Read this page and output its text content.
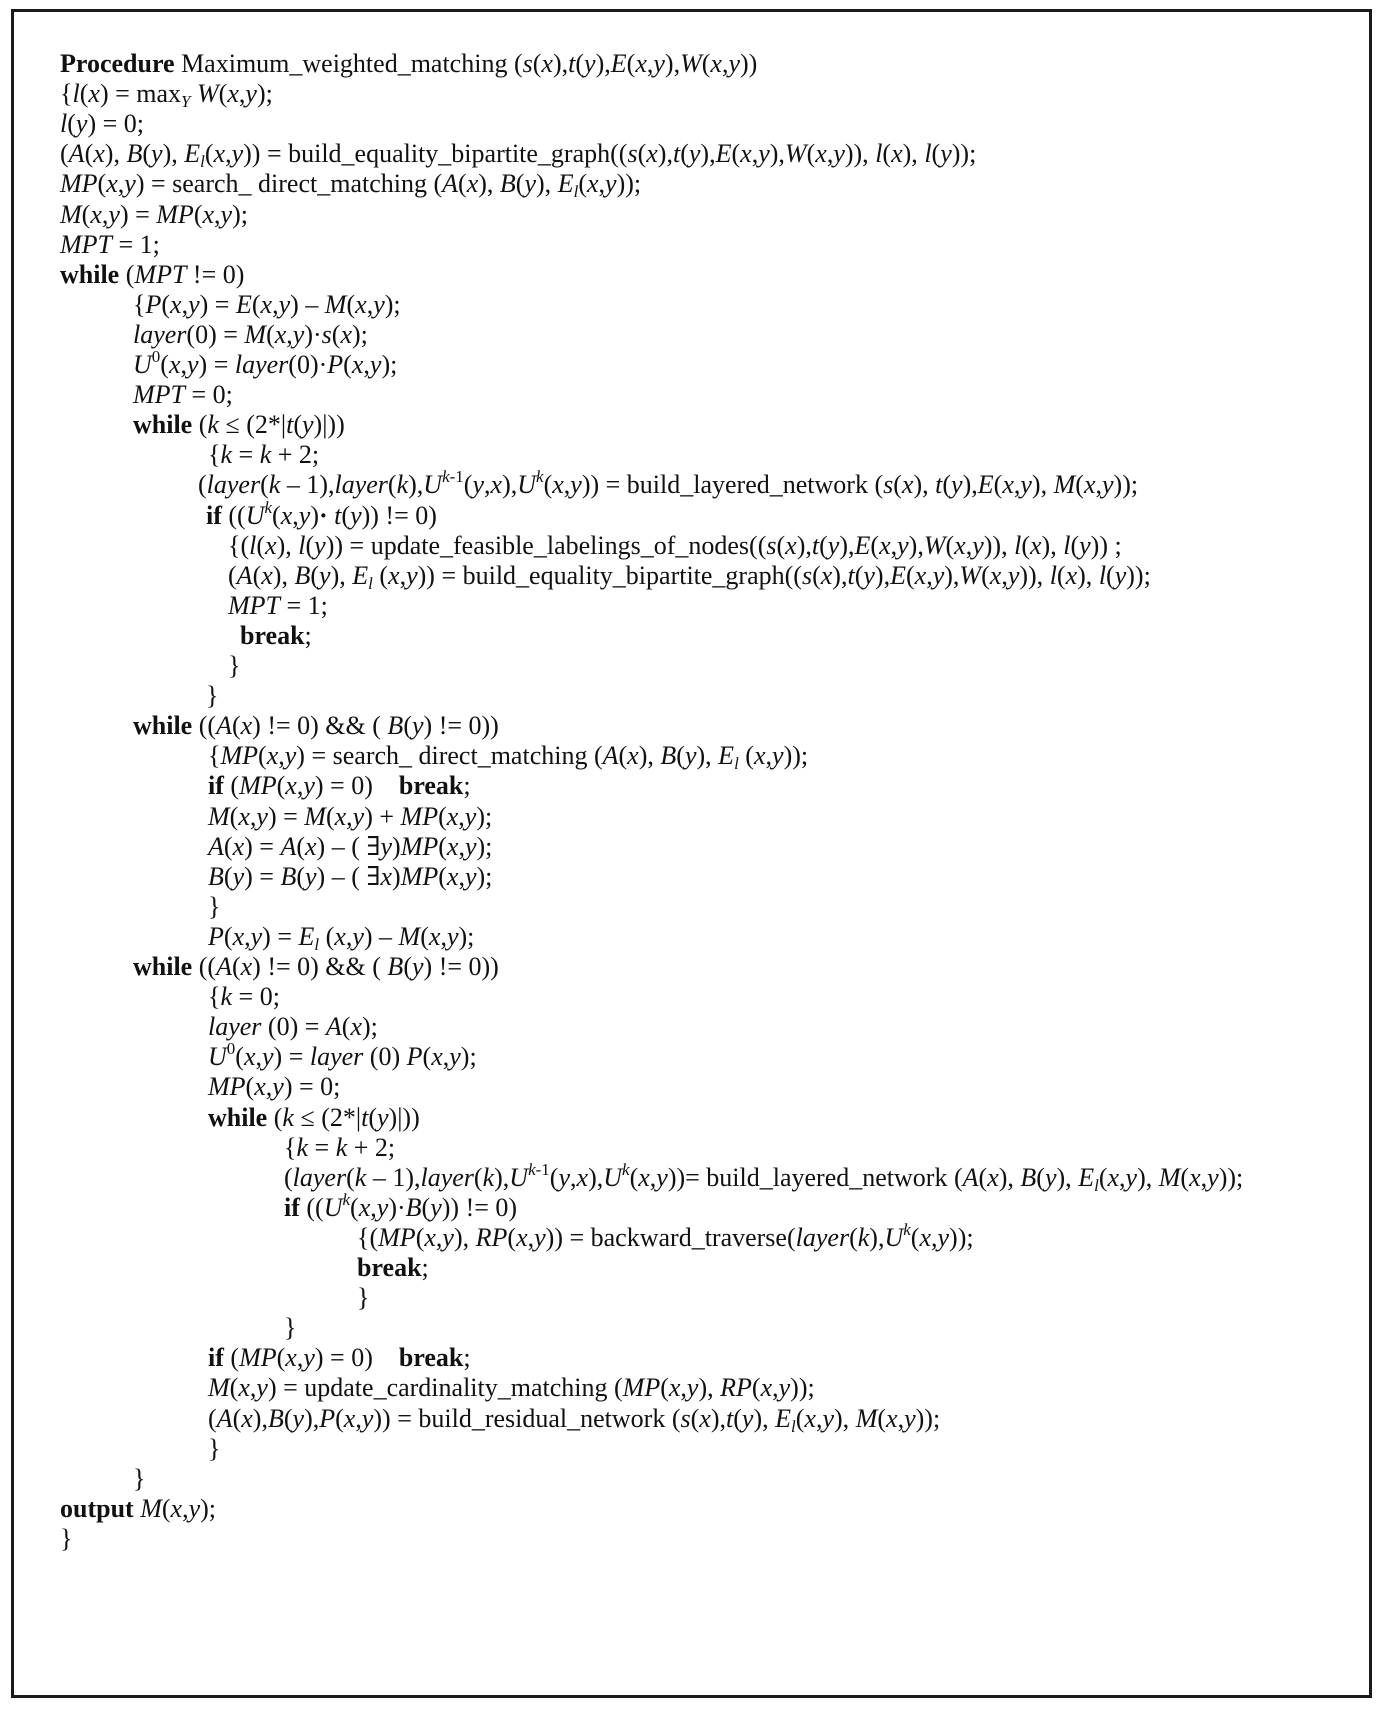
Procedure Maximum_weighted_matching (s(x),t(y),E(x,y),W(x,y))
{$l(x) = \max_Y W(x,y)$;
l(y) = 0;
(A(x), B(y), $E_l(x,y)$) = build_equality_bipartite_graph((s(x),t(y),E(x,y),W(x,y)), l(x), l(y));
MP(x,y) = search_ direct_matching (A(x), B(y), $E_l(x,y)$);
M(x,y) = MP(x,y);
MPT = 1;
while (MPT != 0)
{P(x,y) = E(x,y) – M(x,y);
layer(0) = M(x,y)·s(x);
$U^0(x,y)$ = layer(0)·P(x,y);
MPT = 0;
while (k ≤ (2*|t(y)|))
{k = k + 2;
(layer(k – $1),layer(k),U^{k-1}(y,x),U^k(x,y)$) = build_layered_network (s(x), t(y),E(x,y), M(x,y));
if ($(U^k(x,y)\cdot t(y))$ != 0)
{(l(x), l(y)) = update_feasible_labelings_of_nodes((s(x),t(y),E(x,y),W(x,y)), l(x), l(y)) ;
(A(x), B(y), $E_l$ (x,y)) = build_equality_bipartite_graph((s(x),t(y),E(x,y),W(x,y)), l(x), l(y));
MPT = 1;
break;
}
}
while ((A(x) != 0) && ( B(y) != 0))
{MP(x,y) = search_ direct_matching (A(x), B(y), $E_l$ (x,y));
if (MP(x,y) = 0)    break;
M(x,y) = M(x,y) + MP(x,y);
A(x) = A(x) – ( ∃y)MP(x,y);
B(y) = B(y) – ( ∃x)MP(x,y);
}
$P(x,y) = E_l$ (x,y) – M(x,y);
while ((A(x) != 0) && ( B(y) != 0))
{k = 0;
layer (0) = A(x);
$U^0(x,y)$ = layer (0) P(x,y);
MP(x,y) = 0;
while (k ≤ (2*|t(y)|))
{k = k + 2;
(layer(k – $1),layer(k),U^{k-1}(y,x),U^k(x,y))=$ build_layered_network (A(x), B(y), $E_l(x,y)$, M(x,y));
if ($(U^k(x,y)\cdot B(y))$ != 0)
{(MP(x,y), $RP(x,y)) = backward\_traverse(layer(k),U^k(x,y))$;
break;
}
}
if (MP(x,y) = 0)    break;
M(x,y) = update_cardinality_matching (MP(x,y), RP(x,y));
(A(x),B(y),P(x,y)) = build_residual_network (s(x),t(y), $E_l(x,y)$, M(x,y));
}
}
output M(x,y);
}
